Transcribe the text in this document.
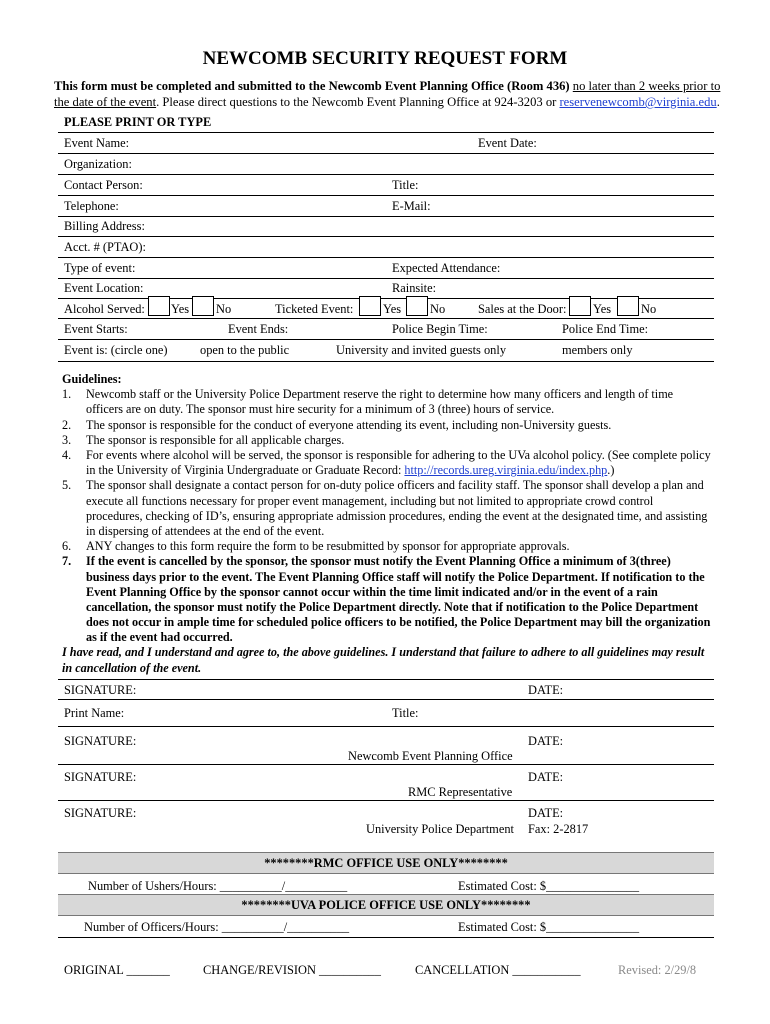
NEWCOMB SECURITY REQUEST FORM
This form must be completed and submitted to the Newcomb Event Planning Office (Room 436) no later than 2 weeks prior to the date of the event. Please direct questions to the Newcomb Event Planning Office at 924-3203 or reservenewcomb@virginia.edu.
PLEASE PRINT OR TYPE
Event Name:	Event Date:
Organization:
Contact Person:	Title:
Telephone:	E-Mail:
Billing Address:
Acct. # (PTAO):
Type of event:	Expected Attendance:
Event Location:	Rainsite:
Alcohol Served: Yes No	Ticketed Event: Yes No	Sales at the Door: Yes No
Event Starts:	Event Ends:	Police Begin Time:	Police End Time:
Event is: (circle one)	open to the public	University and invited guests only	members only
Guidelines:
1. Newcomb staff or the University Police Department reserve the right to determine how many officers and length of time officers are on duty. The sponsor must hire security for a minimum of 3 (three) hours of service.
2. The sponsor is responsible for the conduct of everyone attending its event, including non-University guests.
3. The sponsor is responsible for all applicable charges.
4. For events where alcohol will be served, the sponsor is responsible for adhering to the UVa alcohol policy. (See complete policy in the University of Virginia Undergraduate or Graduate Record: http://records.ureg.virginia.edu/index.php.)
5. The sponsor shall designate a contact person for on-duty police officers and facility staff. The sponsor shall develop a plan and execute all functions necessary for proper event management, including but not limited to appropriate crowd control procedures, checking of ID’s, ensuring appropriate admission procedures, ending the event at the designated time, and assisting in dispersing of attendees at the end of the event.
6. ANY changes to this form require the form to be resubmitted by sponsor for appropriate approvals.
7. If the event is cancelled by the sponsor, the sponsor must notify the Event Planning Office a minimum of 3(three) business days prior to the event. The Event Planning Office staff will notify the Police Department. If notification to the Event Planning Office by the sponsor cannot occur within the time limit indicated and/or in the event of a rain cancellation, the sponsor must notify the Police Department directly. Note that if notification to the Police Department does not occur in ample time for scheduled police officers to be notified, the Police Department may bill the organization as if the event had occurred.
I have read, and I understand and agree to, the above guidelines. I understand that failure to adhere to all guidelines may result in cancellation of the event.
SIGNATURE:	DATE:
Print Name:	Title:
SIGNATURE:	DATE:
Newcomb Event Planning Office
SIGNATURE:	DATE:
RMC Representative
SIGNATURE:	DATE:
University Police Department Fax: 2-2817
********RMC OFFICE USE ONLY********
Number of Ushers/Hours: __________/__________	Estimated Cost: $_______________
********UVA POLICE OFFICE USE ONLY********
Number of Officers/Hours: __________/__________	Estimated Cost: $_______________
ORIGINAL _______	CHANGE/REVISION __________	CANCELLATION ___________	Revised: 2/29/8
